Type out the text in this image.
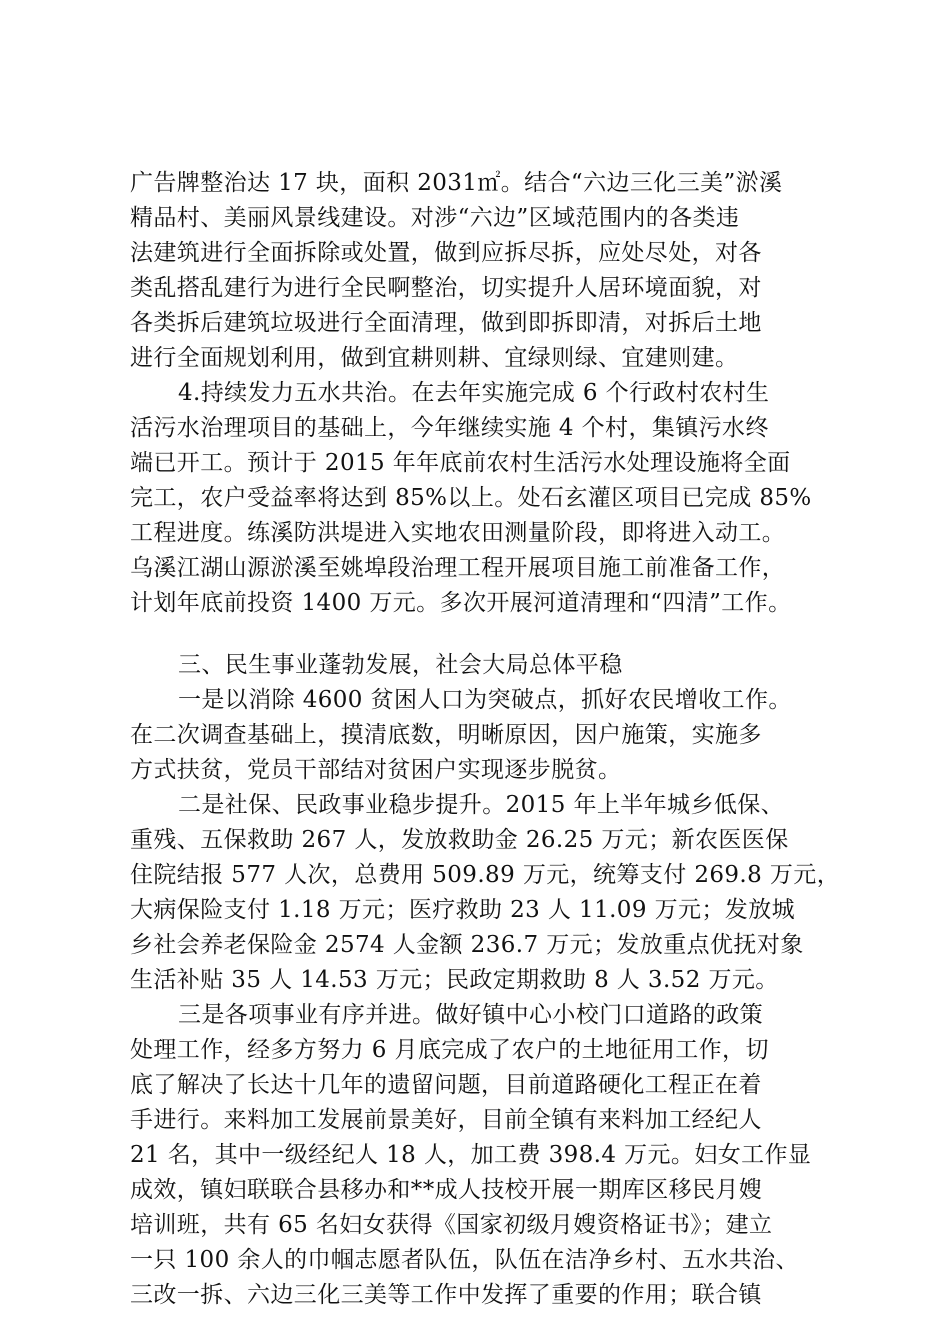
广告牌整治达 17 块，面积 2031㎡。结合“六边三化三美”淤溪
精品村、美丽风景线建设。对涉“六边”区域范围内的各类违
法建筑进行全面拆除或处置，做到应拆尽拆，应处尽处，对各
类乱搭乱建行为进行全民啊整治，切实提升人居环境面貌，对
各类拆后建筑垃圾进行全面清理，做到即拆即清，对拆后土地
进行全面规划利用，做到宜耕则耕、宜绿则绿、宜建则建。
4.持续发力五水共治。在去年实施完成 6 个行政村农村生
活污水治理项目的基础上，今年继续实施 4 个村，集镇污水终
端已开工。预计于 2015 年年底前农村生活污水处理设施将全面
完工，农户受益率将达到 85%以上。处石玄灌区项目已完成 85%
工程进度。练溪防洪堤进入实地农田测量阶段，即将进入动工。
乌溪江湖山源淤溪至姚埠段治理工程开展项目施工前准备工作，
计划年底前投资 1400 万元。多次开展河道清理和“四清”工作。
三、民生事业蓬勃发展，社会大局总体平稳
一是以消除 4600 贫困人口为突破点，抓好农民增收工作。
在二次调查基础上，摸清底数，明晰原因，因户施策，实施多
方式扶贫，党员干部结对贫困户实现逐步脱贫。
二是社保、民政事业稳步提升。2015 年上半年城乡低保、
重残、五保救助 267 人，发放救助金 26.25 万元；新农医医保
住院结报 577 人次，总费用 509.89 万元，统筹支付 269.8 万元，
大病保险支付 1.18 万元；医疗救助 23 人 11.09 万元；发放城
乡社会养老保险金 2574 人金额 236.7 万元；发放重点优抚对象
生活补贴 35 人 14.53 万元；民政定期救助 8 人 3.52 万元。
三是各项事业有序并进。做好镇中心小校门口道路的政策
处理工作，经多方努力 6 月底完成了农户的土地征用工作，切
底了解决了长达十几年的遗留问题，目前道路硬化工程正在着
手进行。来料加工发展前景美好，目前全镇有来料加工经纪人
21 名，其中一级经纪人 18 人，加工费 398.4 万元。妇女工作显
成效，镇妇联联合县移办和**成人技校开展一期库区移民月嫂
培训班，共有 65 名妇女获得《国家初级月嫂资格证书》；建立
一只 100 余人的巾帼志愿者队伍，队伍在洁净乡村、五水共治、
三改一拆、六边三化三美等工作中发挥了重要的作用；联合镇
